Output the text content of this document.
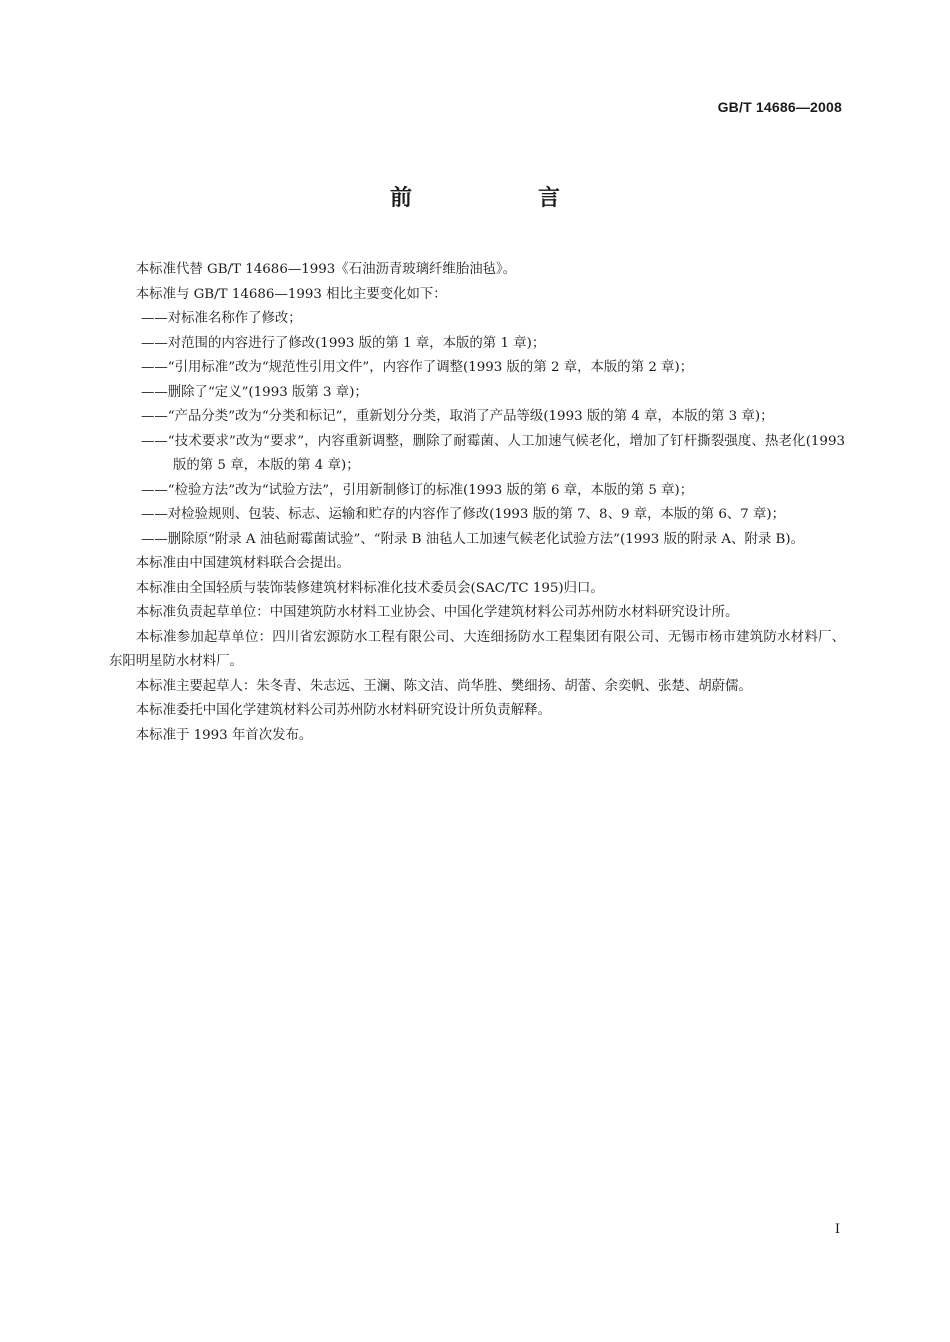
GB/T 14686—2008
前　言

本标准代替 GB/T 14686—1993《石油沥青玻璃纤维胎油毡》。

本标准与 GB/T 14686—1993 相比主要变化如下：

——对标准名称作了修改；

——对范围的内容进行了修改(1993 版的第 1 章，本版的第 1 章)；

——“引用标准”改为“规范性引用文件”，内容作了调整(1993 版的第 2 章，本版的第 2 章)；

——删除了“定义”(1993 版第 3 章)；

——“产品分类”改为“分类和标记”，重新划分分类，取消了产品等级(1993 版的第 4 章，本版的第 3 章)；

——“技术要求”改为“要求”，内容重新调整，删除了耐霉菌、人工加速气候老化，增加了钉杆撕裂强度、热老化(1993 版的第 5 章，本版的第 4 章)；

——“检验方法”改为“试验方法”，引用新制修订的标准(1993 版的第 6 章，本版的第 5 章)；

——对检验规则、包装、标志、运输和贮存的内容作了修改(1993 版的第 7、8、9 章，本版的第 6、7 章)；

——删除原“附录 A 油毡耐霉菌试验”、“附录 B 油毡人工加速气候老化试验方法”(1993 版的附录 A、附录 B)。

本标准由中国建筑材料联合会提出。

本标准由全国轻质与装饰装修建筑材料标准化技术委员会(SAC/TC 195)归口。

本标准负责起草单位：中国建筑防水材料工业协会、中国化学建筑材料公司苏州防水材料研究设计所。

本标准参加起草单位：四川省宏源防水工程有限公司、大连细扬防水工程集团有限公司、无锡市杨市建筑防水材料厂、东阳明星防水材料厂。

本标准主要起草人：朱冬青、朱志远、王澜、陈文洁、尚华胜、樊细扬、胡蕾、余奕帆、张楚、胡蔚儒。

本标准委托中国化学建筑材料公司苏州防水材料研究设计所负责解释。

本标准于 1993 年首次发布。

I
